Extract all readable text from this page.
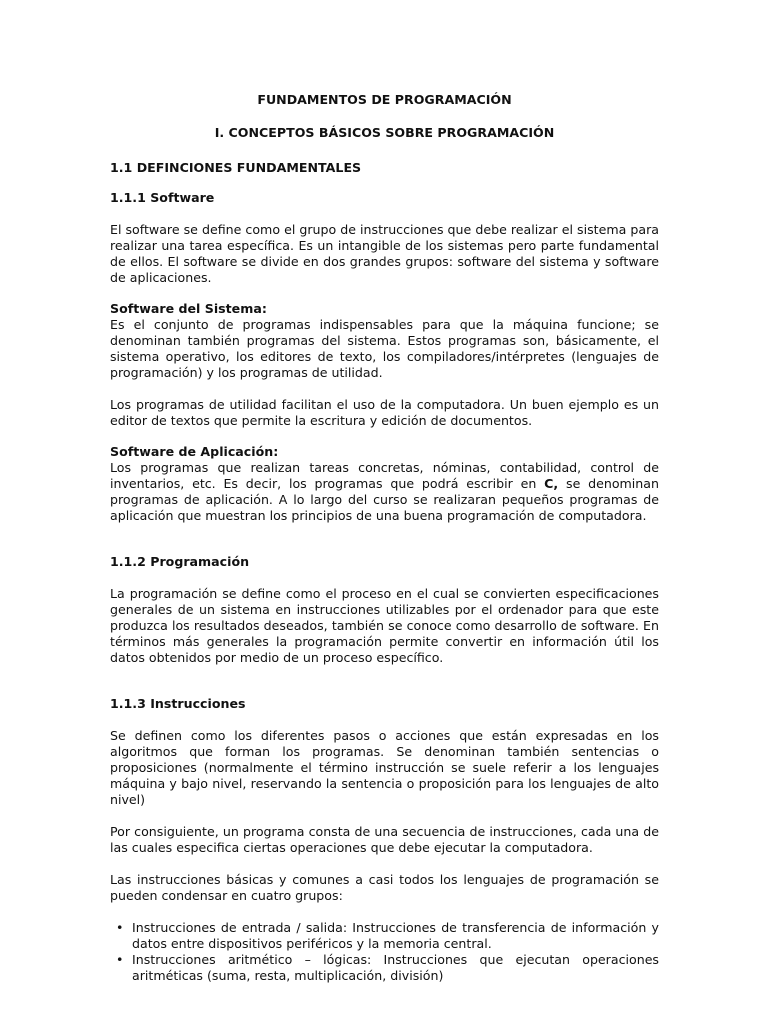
FUNDAMENTOS DE PROGRAMACIÓN
I. CONCEPTOS BÁSICOS SOBRE PROGRAMACIÓN
1.1 DEFINCIONES FUNDAMENTALES
1.1.1 Software
El software se define como el grupo de instrucciones que debe realizar el sistema para realizar una tarea específica. Es un intangible de los sistemas pero parte fundamental de ellos. El software se divide en dos grandes grupos: software del sistema y software de aplicaciones.
Software del Sistema:
Es el conjunto de programas indispensables para que la máquina funcione; se denominan también programas del sistema. Estos programas son, básicamente, el sistema operativo, los editores de texto, los compiladores/intérpretes (lenguajes de programación) y los programas de utilidad.
Los programas de utilidad facilitan el uso de la computadora. Un buen ejemplo es un editor de textos que permite la escritura y edición de documentos.
Software de Aplicación:
Los programas que realizan tareas concretas, nóminas, contabilidad, control de inventarios, etc. Es decir, los programas que podrá escribir en C, se denominan programas de aplicación. A lo largo del curso se realizaran pequeños programas de aplicación que muestran los principios de una buena programación de computadora.
1.1.2 Programación
La programación se define como el proceso en el cual se convierten especificaciones generales de un sistema en instrucciones utilizables por el ordenador para que este produzca los resultados deseados, también se conoce como desarrollo de software. En términos más generales la programación permite convertir en información útil los datos obtenidos por medio de un proceso específico.
1.1.3 Instrucciones
Se definen como los diferentes pasos o acciones que están expresadas en los algoritmos que forman los programas. Se denominan también sentencias o proposiciones (normalmente el término instrucción se suele referir a los lenguajes máquina y bajo nivel, reservando la sentencia o proposición para los lenguajes de alto nivel)
Por consiguiente, un programa consta de una secuencia de instrucciones, cada una de las cuales especifica ciertas operaciones que debe ejecutar la computadora.
Las instrucciones básicas y comunes a casi todos los lenguajes de programación se pueden condensar en cuatro grupos:
• Instrucciones de entrada / salida: Instrucciones de transferencia de información y datos entre dispositivos periféricos y la memoria central.
• Instrucciones aritmético – lógicas: Instrucciones que ejecutan operaciones aritméticas (suma, resta, multiplicación, división)
